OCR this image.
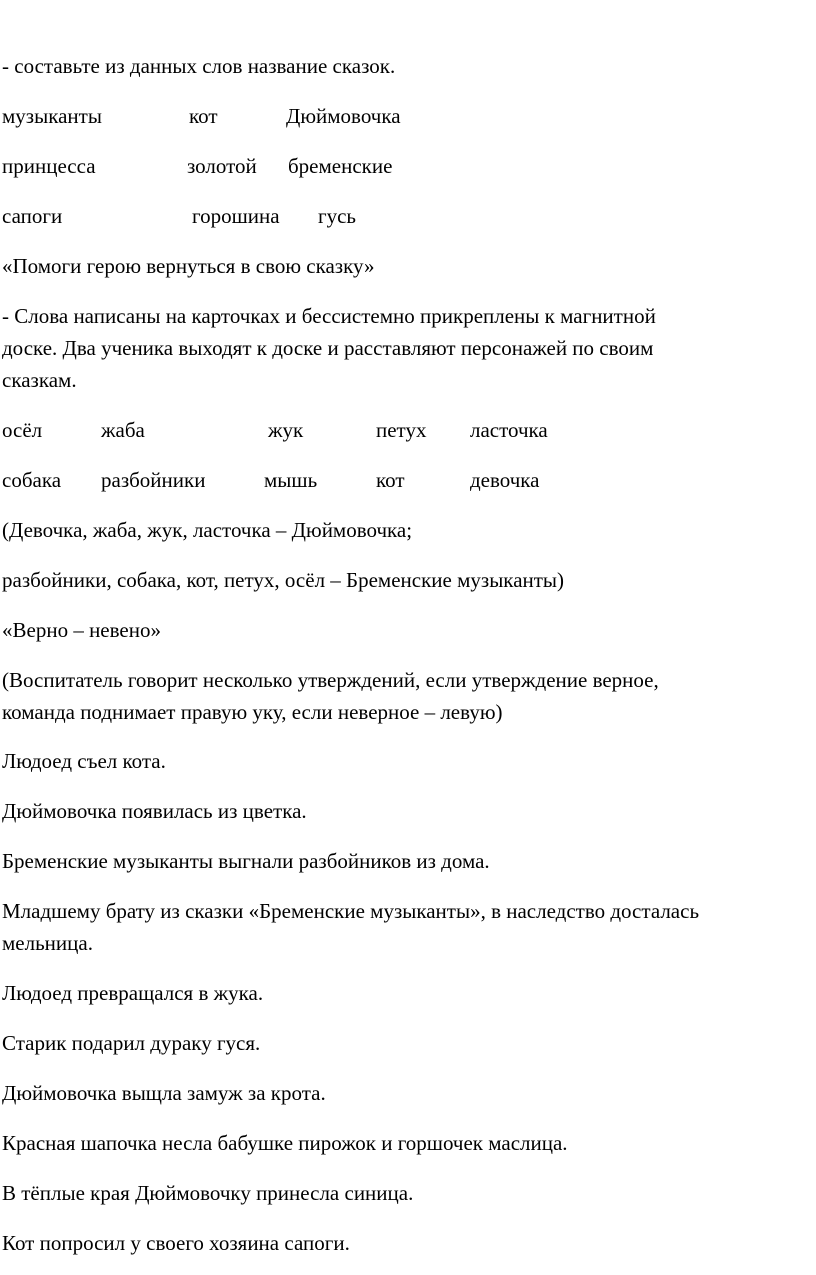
- составьте из данных слов название сказок.
музыканты	кот	Дюймовочка
принцесса	золотой бременские
сапоги	горошина гусь
«Помоги герою вернуться в свою сказку»
- Слова написаны на карточках и бессистемно прикреплены к магнитной
доске. Два ученика выходят к доске и расставляют персонажей по своим
сказкам.
осёл	жаба	жук	петух ласточка
собака разбойники	мышь	кот	девочка
(Девочка, жаба, жук, ласточка – Дюймовочка;
разбойники, собака, кот, петух, осёл – Бременские музыканты)
«Верно – невено»
(Воспитатель говорит несколько утверждений, если утверждение верное,
команда поднимает правую уку, если неверное – левую)
Людоед съел кота.
Дюймовочка появилась из цветка.
Бременские музыканты выгнали разбойников из дома.
Младшему брату из сказки «Бременские музыканты», в наследство досталась
мельница.
Людоед превращался в жука.
Старик подарил дураку гуся.
Дюймовочка выщла замуж за крота.
Красная шапочка несла бабушке пирожок и горшочек маслица.
В тёплые края Дюймовочку принесла синица.
Кот попросил у своего хозяина сапоги.
